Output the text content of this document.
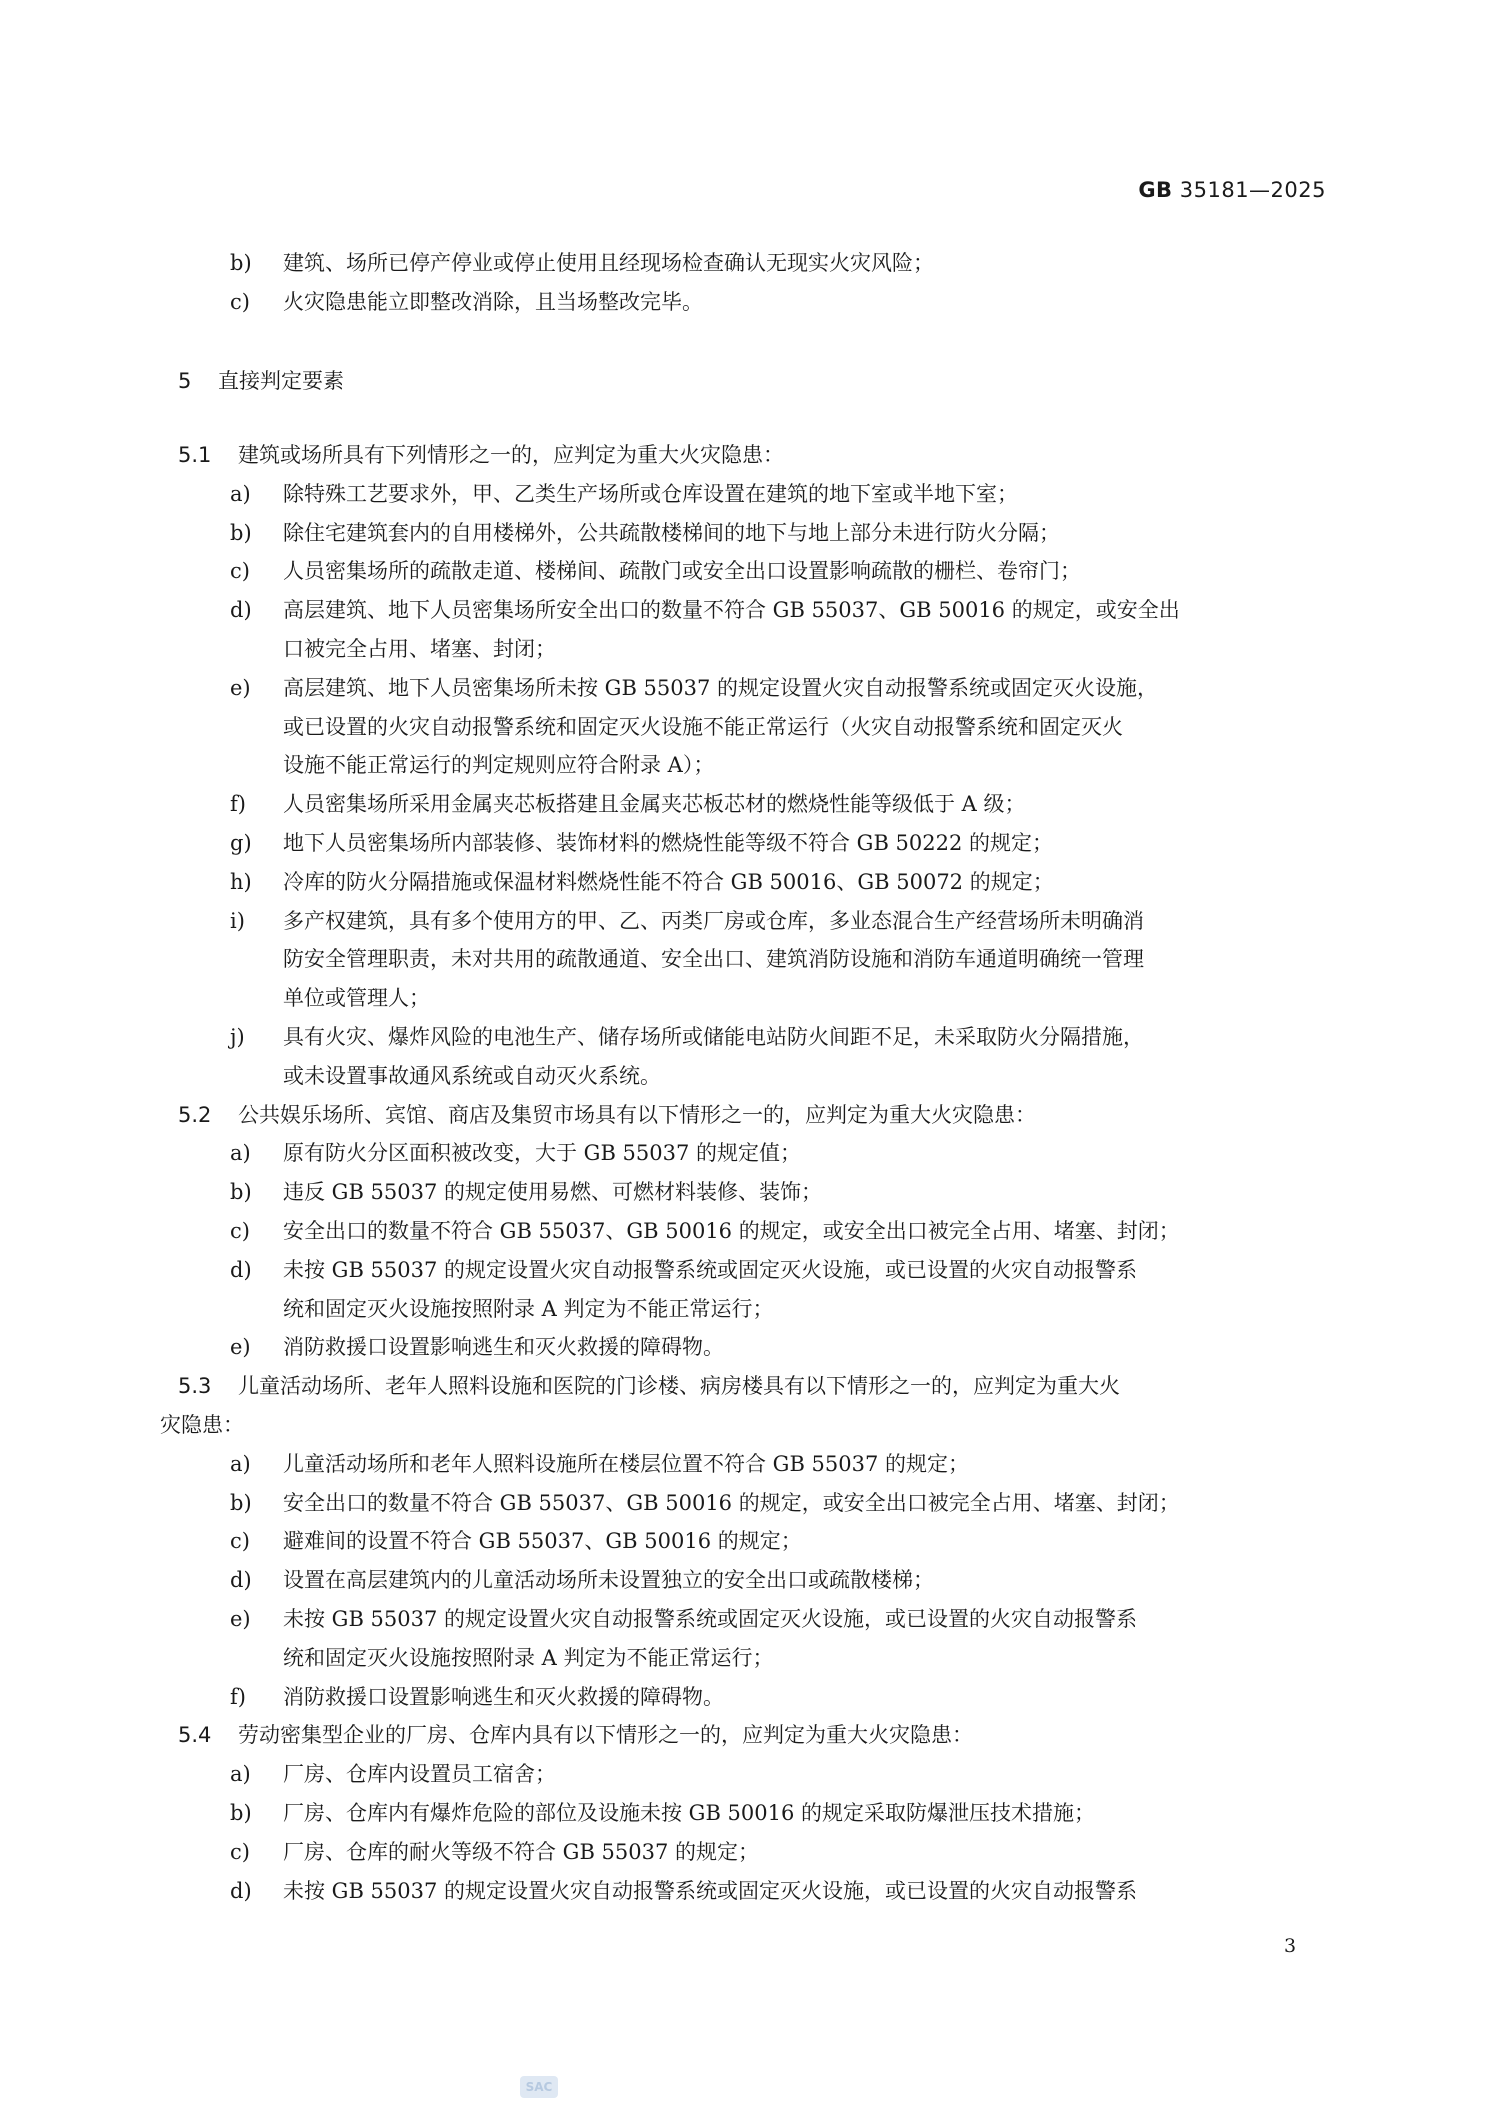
GB 35181—2025
b) 建筑、场所已停产停业或停止使用且经现场检查确认无现实火灾风险；
c) 火灾隐患能立即整改消除，且当场整改完毕。
5 直接判定要素
5.1 建筑或场所具有下列情形之一的，应判定为重大火灾隐患：
a) 除特殊工艺要求外，甲、乙类生产场所或仓库设置在建筑的地下室或半地下室；
b) 除住宅建筑套内的自用楼梯外，公共疏散楼梯间的地下与地上部分未进行防火分隔；
c) 人员密集场所的疏散走道、楼梯间、疏散门或安全出口设置影响疏散的栅栏、卷帘门；
d) 高层建筑、地下人员密集场所安全出口的数量不符合 GB 55037、GB 50016 的规定，或安全出
口被完全占用、堵塞、封闭；
e) 高层建筑、地下人员密集场所未按 GB 55037 的规定设置火灾自动报警系统或固定灭火设施，
或已设置的火灾自动报警系统和固定灭火设施不能正常运行（火灾自动报警系统和固定灭火
设施不能正常运行的判定规则应符合附录 A）；
f) 人员密集场所采用金属夹芯板搭建且金属夹芯板芯材的燃烧性能等级低于 A 级；
g) 地下人员密集场所内部装修、装饰材料的燃烧性能等级不符合 GB 50222 的规定；
h) 冷库的防火分隔措施或保温材料燃烧性能不符合 GB 50016、GB 50072 的规定；
i) 多产权建筑，具有多个使用方的甲、乙、丙类厂房或仓库，多业态混合生产经营场所未明确消
防安全管理职责，未对共用的疏散通道、安全出口、建筑消防设施和消防车通道明确统一管理
单位或管理人；
j) 具有火灾、爆炸风险的电池生产、储存场所或储能电站防火间距不足，未采取防火分隔措施，
或未设置事故通风系统或自动灭火系统。
5.2 公共娱乐场所、宾馆、商店及集贸市场具有以下情形之一的，应判定为重大火灾隐患：
a) 原有防火分区面积被改变，大于 GB 55037 的规定值；
b) 违反 GB 55037 的规定使用易燃、可燃材料装修、装饰；
c) 安全出口的数量不符合 GB 55037、GB 50016 的规定，或安全出口被完全占用、堵塞、封闭；
d) 未按 GB 55037 的规定设置火灾自动报警系统或固定灭火设施，或已设置的火灾自动报警系
统和固定灭火设施按照附录 A 判定为不能正常运行；
e) 消防救援口设置影响逃生和灭火救援的障碍物。
5.3 儿童活动场所、老年人照料设施和医院的门诊楼、病房楼具有以下情形之一的，应判定为重大火
灾隐患：
a) 儿童活动场所和老年人照料设施所在楼层位置不符合 GB 55037 的规定；
b) 安全出口的数量不符合 GB 55037、GB 50016 的规定，或安全出口被完全占用、堵塞、封闭；
c) 避难间的设置不符合 GB 55037、GB 50016 的规定；
d) 设置在高层建筑内的儿童活动场所未设置独立的安全出口或疏散楼梯；
e) 未按 GB 55037 的规定设置火灾自动报警系统或固定灭火设施，或已设置的火灾自动报警系
统和固定灭火设施按照附录 A 判定为不能正常运行；
f) 消防救援口设置影响逃生和灭火救援的障碍物。
5.4 劳动密集型企业的厂房、仓库内具有以下情形之一的，应判定为重大火灾隐患：
a) 厂房、仓库内设置员工宿舍；
b) 厂房、仓库内有爆炸危险的部位及设施未按 GB 50016 的规定采取防爆泄压技术措施；
c) 厂房、仓库的耐火等级不符合 GB 55037 的规定；
d) 未按 GB 55037 的规定设置火灾自动报警系统或固定灭火设施，或已设置的火灾自动报警系
3
SAC
